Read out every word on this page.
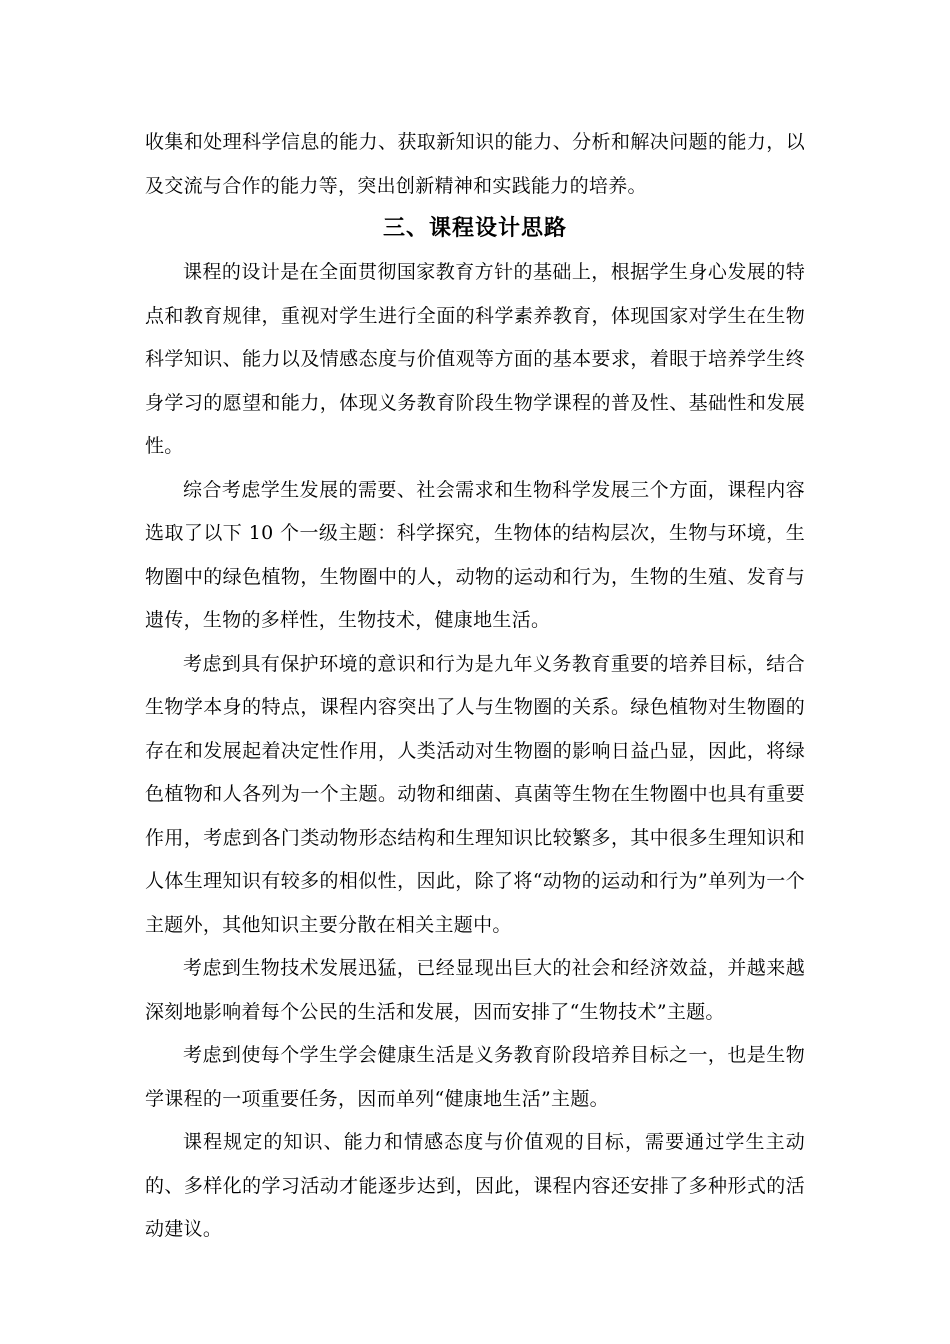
收集和处理科学信息的能力、获取新知识的能力、分析和解决问题的能力，以及交流与合作的能力等，突出创新精神和实践能力的培养。

三、课程设计思路

课程的设计是在全面贯彻国家教育方针的基础上，根据学生身心发展的特点和教育规律，重视对学生进行全面的科学素养教育，体现国家对学生在生物科学知识、能力以及情感态度与价值观等方面的基本要求，着眼于培养学生终身学习的愿望和能力，体现义务教育阶段生物学课程的普及性、基础性和发展性。

综合考虑学生发展的需要、社会需求和生物科学发展三个方面，课程内容选取了以下 10 个一级主题：科学探究，生物体的结构层次，生物与环境，生物圈中的绿色植物，生物圈中的人，动物的运动和行为，生物的生殖、发育与遗传，生物的多样性，生物技术，健康地生活。

考虑到具有保护环境的意识和行为是九年义务教育重要的培养目标，结合生物学本身的特点，课程内容突出了人与生物圈的关系。绿色植物对生物圈的存在和发展起着决定性作用，人类活动对生物圈的影响日益凸显，因此，将绿色植物和人各列为一个主题。动物和细菌、真菌等生物在生物圈中也具有重要作用，考虑到各门类动物形态结构和生理知识比较繁多，其中很多生理知识和人体生理知识有较多的相似性，因此，除了将“动物的运动和行为”单列为一个主题外，其他知识主要分散在相关主题中。

考虑到生物技术发展迅猛，已经显现出巨大的社会和经济效益，并越来越深刻地影响着每个公民的生活和发展，因而安排了“生物技术”主题。

考虑到使每个学生学会健康生活是义务教育阶段培养目标之一，也是生物学课程的一项重要任务，因而单列“健康地生活”主题。

课程规定的知识、能力和情感态度与价值观的目标，需要通过学生主动的、多样化的学习活动才能逐步达到，因此，课程内容还安排了多种形式的活动建议。
